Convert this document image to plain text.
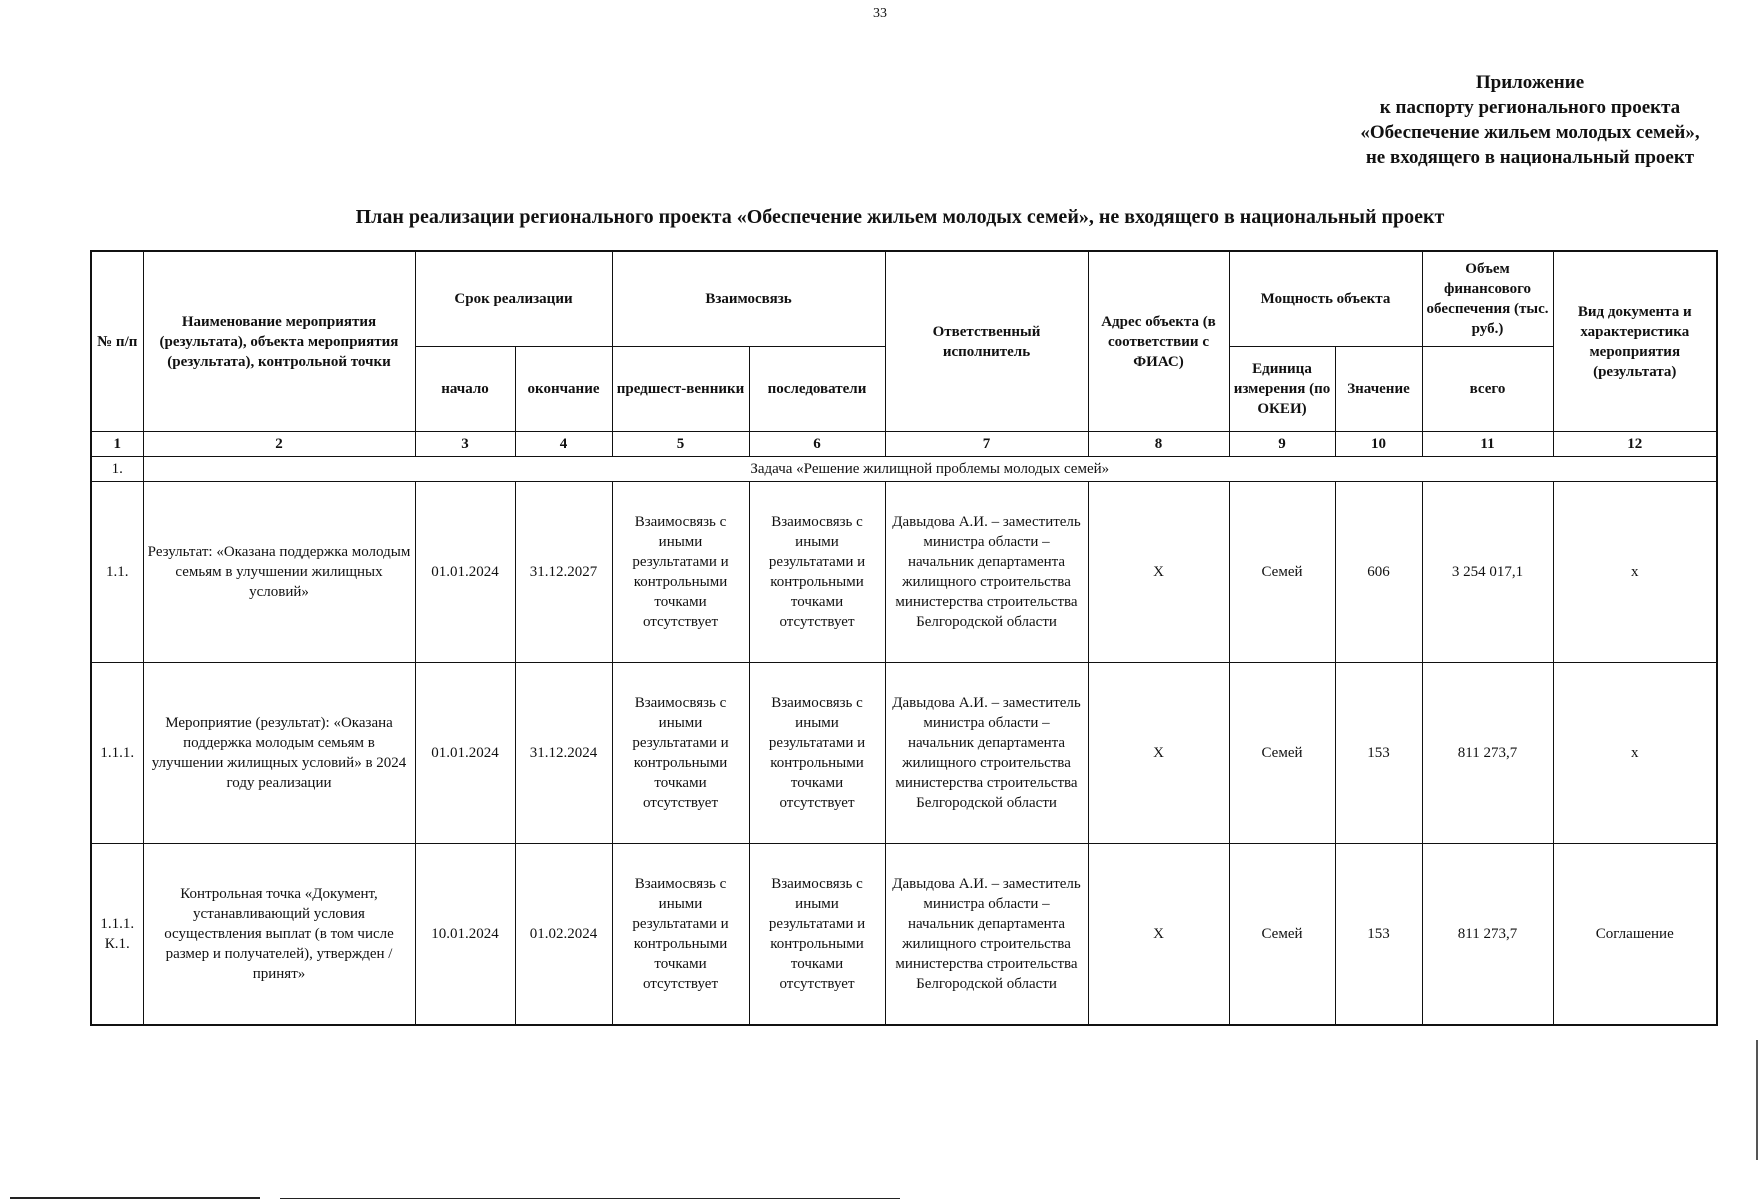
33
Приложение
к паспорту регионального проекта
«Обеспечение жильем молодых семей»,
не входящего в национальный проект
План реализации регионального проекта «Обеспечение жильем молодых семей», не входящего в национальный проект
№ п/п	Наименование мероприятия (результата), объекта мероприятия (результата), контрольной точки	Срок реализации		Взаимосвязь		Ответственный исполнитель	Адрес объекта (в соответствии с ФИАС)	Мощность объекта		Объем финансового обеспечения (тыс. руб.)	Вид документа и характеристика мероприятия (результата)
		начало	окончание	предшест-венники	последователи			Единица измерения (по ОКЕИ)	Значение	всего	
1	2	3	4	5	6	7	8	9	10	11	12
1.	Задача «Решение жилищной проблемы молодых семей»										
1.1.	Результат: «Оказана поддержка молодым семьям в улучшении жилищных условий»	01.01.2024	31.12.2027	Взаимосвязь с иными результатами и контрольными точками отсутствует	Взаимосвязь с иными результатами и контрольными точками отсутствует	Давыдова А.И. – заместитель министра области – начальник департамента жилищного строительства министерства строительства Белгородской области	Х	Семей	606	3 254 017,1	х
1.1.1.	Мероприятие (результат): «Оказана поддержка молодым семьям в улучшении жилищных условий» в 2024 году реализации	01.01.2024	31.12.2024	Взаимосвязь с иными результатами и контрольными точками отсутствует	Взаимосвязь с иными результатами и контрольными точками отсутствует	Давыдова А.И. – заместитель министра области – начальник департамента жилищного строительства министерства строительства Белгородской области	Х	Семей	153	811 273,7	х
1.1.1. К.1.	Контрольная точка «Документ, устанавливающий условия осуществления выплат (в том числе размер и получателей), утвержден / принят»	10.01.2024	01.02.2024	Взаимосвязь с иными результатами и контрольными точками отсутствует	Взаимосвязь с иными результатами и контрольными точками отсутствует	Давыдова А.И. – заместитель министра области – начальник департамента жилищного строительства министерства строительства Белгородской области	Х	Семей	153	811 273,7	Соглашение
